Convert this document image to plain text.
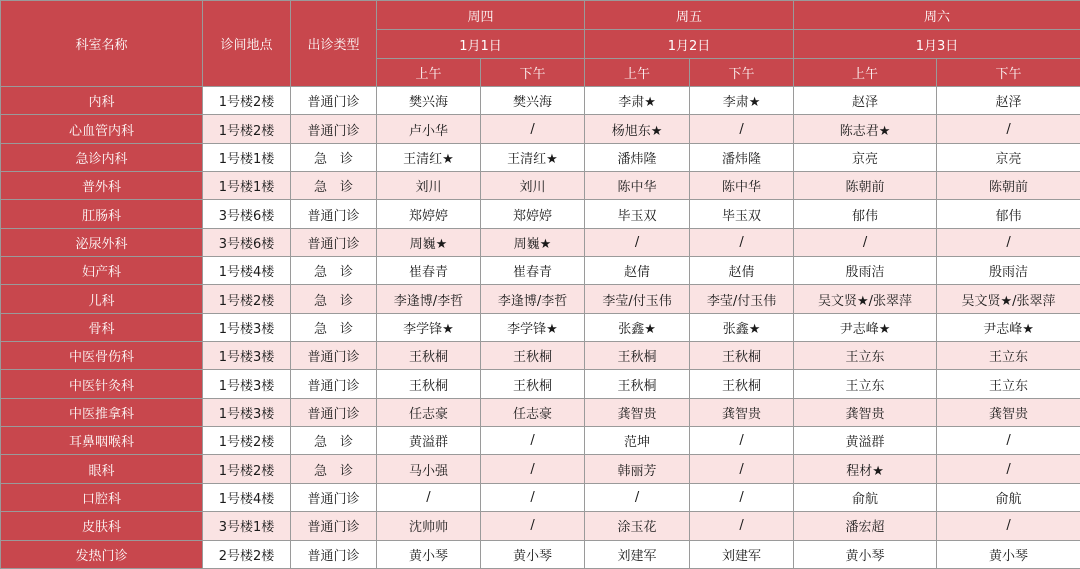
科室名称	诊间地点	出诊类型	周四		周五		周六	
			1月1日		1月2日		1月3日	
			上午	下午	上午	下午	上午	下午
内科	1号楼2楼	普通门诊	樊兴海	樊兴海	李肃★	李肃★	赵泽	赵泽
心血管内科	1号楼2楼	普通门诊	卢小华	/	杨旭东★	/	陈志君★	/
急诊内科	1号楼1楼	急　诊	王清红★	王清红★	潘炜隆	潘炜隆	京亮	京亮
普外科	1号楼1楼	急　诊	刘川	刘川	陈中华	陈中华	陈朝前	陈朝前
肛肠科	3号楼6楼	普通门诊	郑婷婷	郑婷婷	毕玉双	毕玉双	郁伟	郁伟
泌尿外科	3号楼6楼	普通门诊	周巍★	周巍★	/	/	/	/
妇产科	1号楼4楼	急　诊	崔春青	崔春青	赵倩	赵倩	殷雨洁	殷雨洁
儿科	1号楼2楼	急　诊	李逢博/李哲	李逢博/李哲	李莹/付玉伟	李莹/付玉伟	吴文贤★/张翠萍	吴文贤★/张翠萍
骨科	1号楼3楼	急　诊	李学锋★	李学锋★	张鑫★	张鑫★	尹志峰★	尹志峰★
中医骨伤科	1号楼3楼	普通门诊	王秋桐	王秋桐	王秋桐	王秋桐	王立东	王立东
中医针灸科	1号楼3楼	普通门诊	王秋桐	王秋桐	王秋桐	王秋桐	王立东	王立东
中医推拿科	1号楼3楼	普通门诊	任志豪	任志豪	龚智贵	龚智贵	龚智贵	龚智贵
耳鼻咽喉科	1号楼2楼	急　诊	黄溢群	/	范坤	/	黄溢群	/
眼科	1号楼2楼	急　诊	马小强	/	韩丽芳	/	程材★	/
口腔科	1号楼4楼	普通门诊	/	/	/	/	俞航	俞航
皮肤科	3号楼1楼	普通门诊	沈帅帅	/	涂玉花	/	潘宏超	/
发热门诊	2号楼2楼	普通门诊	黄小琴	黄小琴	刘建军	刘建军	黄小琴	黄小琴
